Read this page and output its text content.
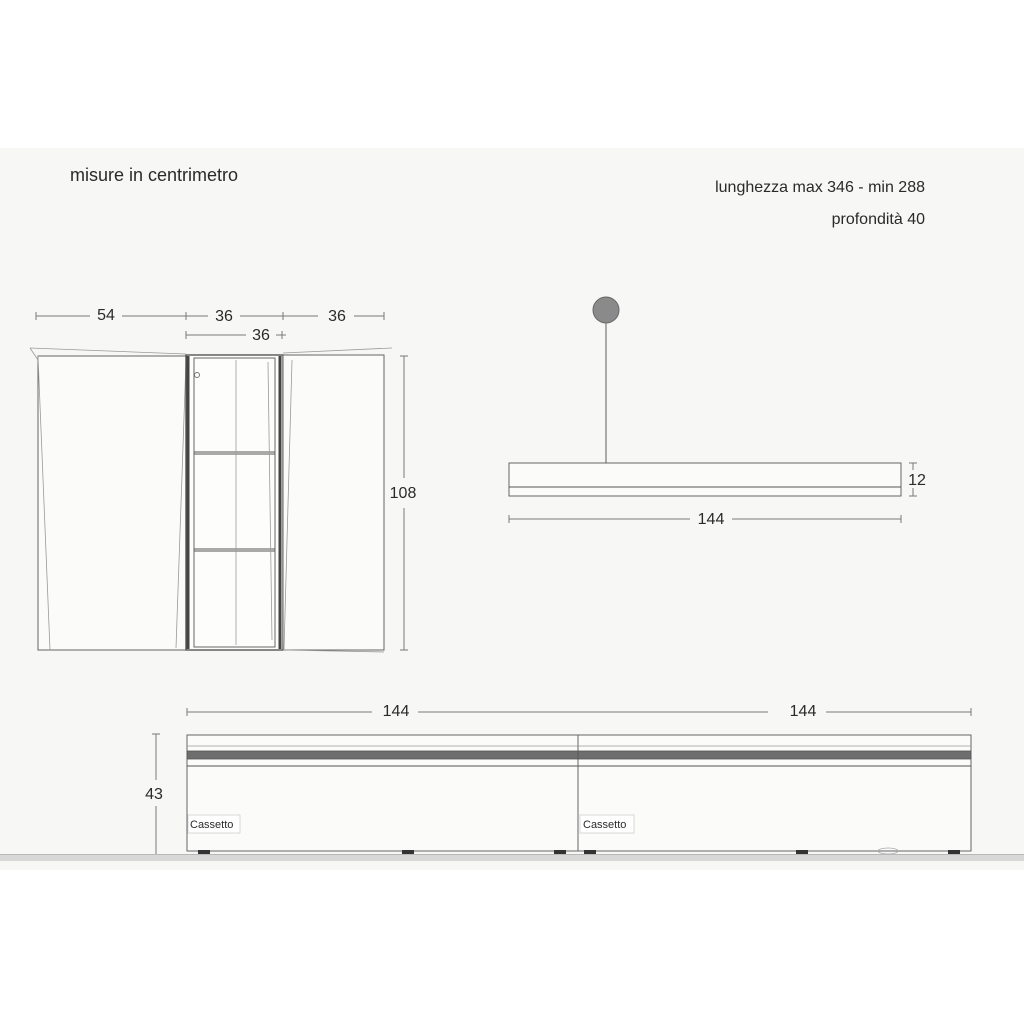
misure in centrimetro
lunghezza max 346 - min 288
profondità 40
54	36	36
36
108
12
144
144	144
43
Cassetto	Cassetto
